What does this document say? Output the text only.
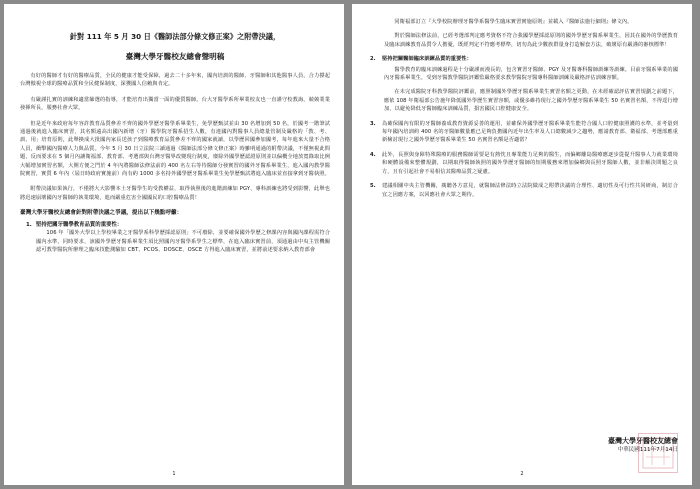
針對 111 年 5 月 30 日《醫師法部分條文修正案》之附帶決議，
臺灣大學牙醫校友總會聲明稿

有好的醫師才有好的醫療品質，全民的健康才能受保障，過去二十多年來，國內培訓的醫師、牙醫師和其他醫事人員，合力撐起台灣傲視全球的醫療品質和全民健保制度，深獲國人信賴與肯定。

有嚴謹扎實的訓練和適當篩選的指導，才能培育出獨當一面的優質醫師。台大牙醫學系所畢業校友也一直謹守校教誨，兢兢業業發揮所長，服務社會大眾。

但是近年來政府每年容許教育品質參差不齊的國外學歷牙醫學系畢業生，免學歷甄試並由 30 名增加到 50 名，於國考一階筆試通過後就進入臨床實習，其名額遠高出國內新增（牙）醫學院牙醫系招生人數，有違國內對醫事人員總量管制及嚴格的「教、考、訓、用」培育原則，此舉換成大批國內家長送孩子到醫療教育品質參差不齊的國家就讀，以學歷回國參加國考，每年進來大量不合格人員，衝擊國內醫療人力與品質。今年 5 月 30 日立法院三讀通過《醫師法部分條文修正案》時雖明通過的附帶決議，不僅無視此問題，反而要求在 5 個月內讓衛福部、教育部、考選部與台灣牙醫界改變現行制度，廢除外國學歷認證原則並以偏概全地放寬錄取比例大幅增加實習名額，大開方便之門於 4 年內將醫師法修法前的 400 名左右等待醫師分發實習的國外牙醫系畢業生，進入國內教學醫院實習，實質 6 年內（屆日時政府實施前）尚有約 1000 多名持外國學歷牙醫系畢業生免學歷甄試將進入臨床並直接拿到牙醫執照。

附帶決議如果執行，不僅將大大影響本土牙醫學生的受教權益，取得執照後的進階訓練如 PGY、專科訓練也將受到影響，此舉也將迅速崩壞國內牙醫師的執業環境，進而嚴重危害全國國民的口腔醫療品質！

臺灣大學牙醫校友總會針對附帶決議之爭議，提出以下幾點呼籲：
1. 堅持把關牙醫學教育品質的重要性：

106 年「國外大學以上學校畢業之牙醫學系科學歷採認原則」不可廢除，並要確保國外學歷之修課內容與國內課程需符合國內水準，同時要求，該國外學歷牙醫系畢業生須比照國內牙醫學系學生之標準，在進入臨床實習前，須通過由中央主管機關認可教學醫院所辦理之臨床技能測驗如 CBT、PCOS、DOSCE、OSCE 方得進入臨床實習，並將前述要求納入教育部會

1

同衛福部訂立『大學校院辦理牙醫學系醫學生臨床實習實施原則』並載入『醫師法施行細則』條文內。

對於醫師法修法前，已經考選部判定應考資格不符合我國學歷採認原則的國外學歷牙醫系畢業生，因其在國外的學歷教育及臨床訓練教育品質令人擔憂，既經判定不符應考標準，切勿為此少數族群量身打造解套方法，破壞原有嚴謹的審核標準！

2.	堅持把關醫師臨床訓練品質的重要性：

醫學教育的臨床訓練過程是十分嚴謹而漫長的，包含實習牙醫師、PGY 及牙醫專科醫師訓練等訓練。目前牙醫系畢業的國內牙醫系畢業生，受到牙醫教學醫院評鑑監嚴格要求教學醫院牙醫專科醫師訓練及嚴格評估訓練容額。

在未完成醫院牙科教學醫院評鑑前，應照制國外學歷牙醫系畢業生實習名額之更動，在未經確認評估實習規劃之前題下，應依 108 年衛福部公告施年降低國外學歷生實習容額，或優多維持現行之國外學歷牙醫系畢業生 50 名實習名額，不得逕行增加，以避免降低牙醫師臨床訓練品質，損害國民口腔健康安全。

3.	為確保國內有限的牙醫師養成教育資源妥善的運用，並確保外國學歷牙醫系畢業生能符合國人口腔健康照護的水準，並考量到每年國內培訓約 400 名的牙醫師數量應已足夠負擔國內近年出生率及人口總數減少之趨勢，應請教育部、衛福部、考選部應重新檢討現行之國外學歷牙醫系畢業生 50 名實習名額是否適當？
4.	此外，長照與身障特殊醫療的服務醫師需要是有熱忱且專業能力足夠的醫生，而偏鄉離島醫療應逐步從提升醫事人力就業環境和硬體設備來整體規劃，以期取得醫師執照的國外學歷牙醫師的短期服務來增加偏鄉與長照牙醫師人數，並非解決問題之良方，且有引起社會不易相信其醫療品質之疑慮。
5.	建議相關中央主管機關，廣聽各方意見，就醫師法修法時立法院做成之附帶決議的合理性、適切性及可行性共同研商，制訂合宜之因應方案，以回應社會大眾之期待。
臺灣大學牙醫校友總會
中華民國111年7月14日
2
